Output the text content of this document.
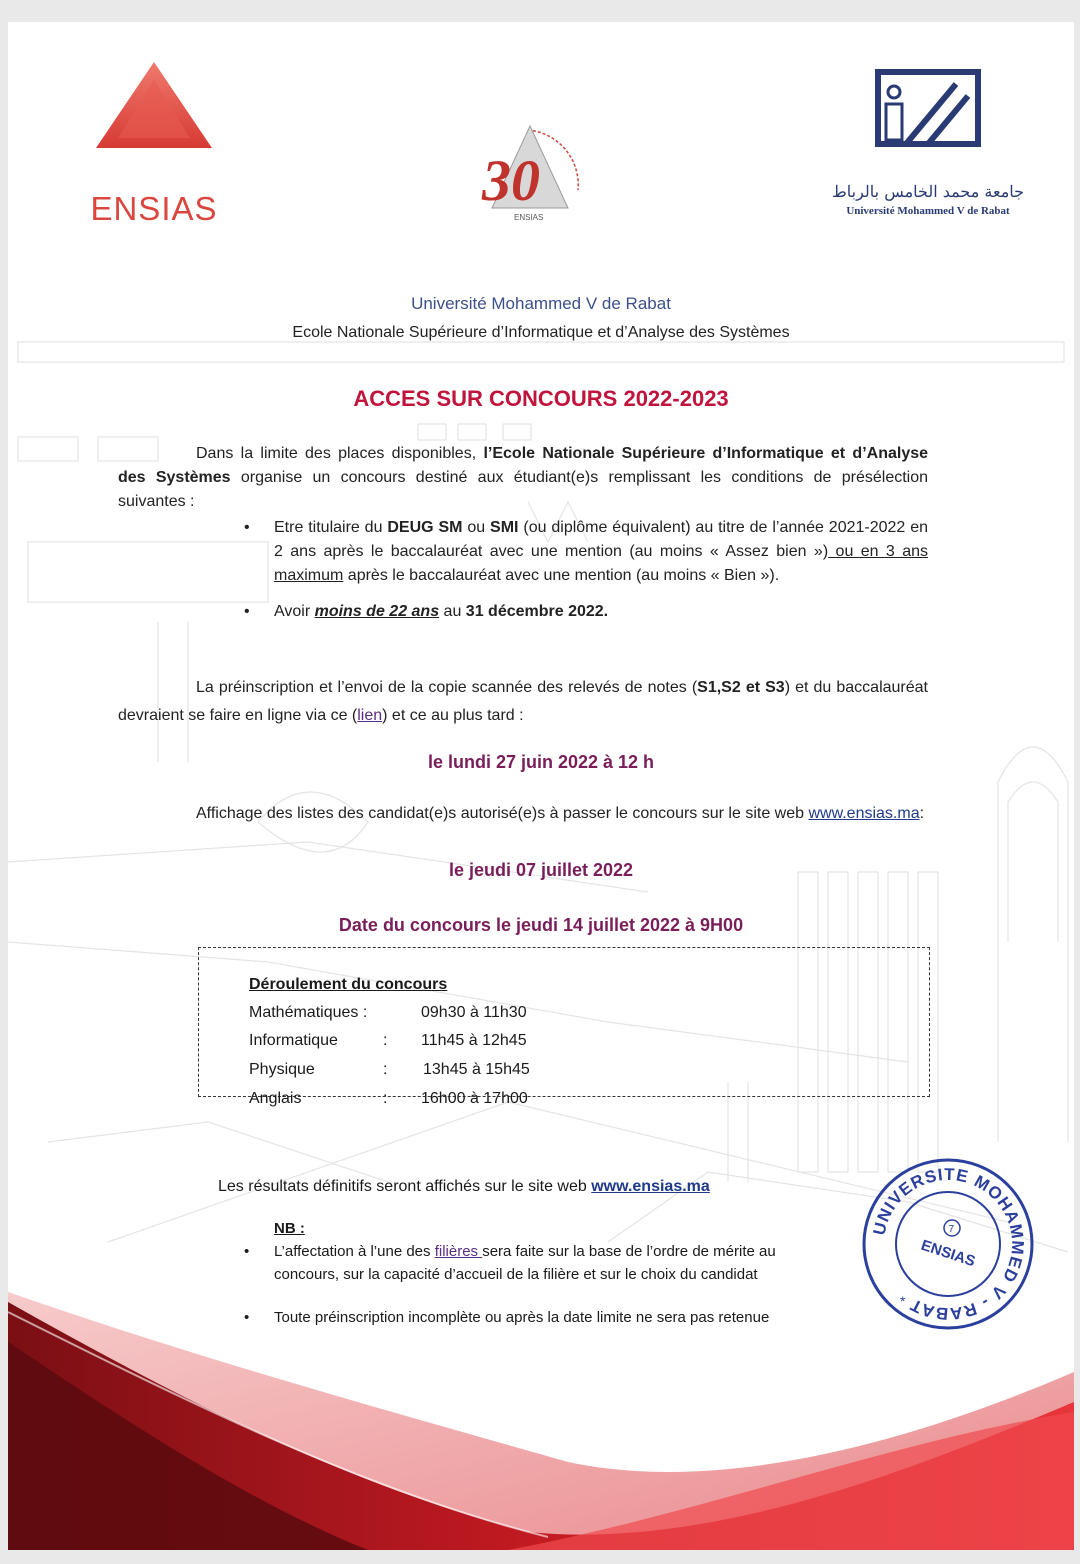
ENSIAS	30
ENSIAS
جامعة محمد الخامس بالرباط
Université Mohammed V de Rabat
Université Mohammed V de Rabat
Ecole Nationale Supérieure d’Informatique et d’Analyse des Systèmes
ACCES SUR CONCOURS 2022-2023
Dans la limite des places disponibles, l’Ecole Nationale Supérieure d’Informatique et d’Analyse des Systèmes organise un concours destiné aux étudiant(e)s remplissant les conditions de présélection suivantes :
• Etre titulaire du DEUG SM ou SMI (ou diplôme équivalent) au titre de l’année 2021-2022 en 2 ans après le baccalauréat avec une mention (au moins « Assez bien ») ou en 3 ans maximum après le baccalauréat avec une mention (au moins « Bien »).
• Avoir moins de 22 ans au 31 décembre 2022.
La préinscription et l’envoi de la copie scannée des relevés de notes (S1,S2 et S3) et du baccalauréat devraient se faire en ligne via ce (lien) et ce au plus tard :
le lundi 27 juin 2022 à 12 h
Affichage des listes des candidat(e)s autorisé(e)s à passer le concours sur le site web www.ensias.ma:
le jeudi 07 juillet 2022
Date du concours le jeudi 14 juillet 2022 à 9H00
Déroulement du concours
Mathématiques :	09h30 à 11h30
Informatique	: 11h45 à 12h45
Physique	: 13h45 à 15h45
Anglais	: 16h00 à 17h00
Les résultats définitifs seront affichés sur le site web www.ensias.ma
NB :
• L’affectation à l’une des filières sera faite sur la base de l’ordre de mérite au concours, sur la capacité d’accueil de la filière et sur le choix du candidat
• Toute préinscription incomplète ou après la date limite ne sera pas retenue
UNIVERSITE MOHAMMED V - RABAT
7
ENSIAS
*
